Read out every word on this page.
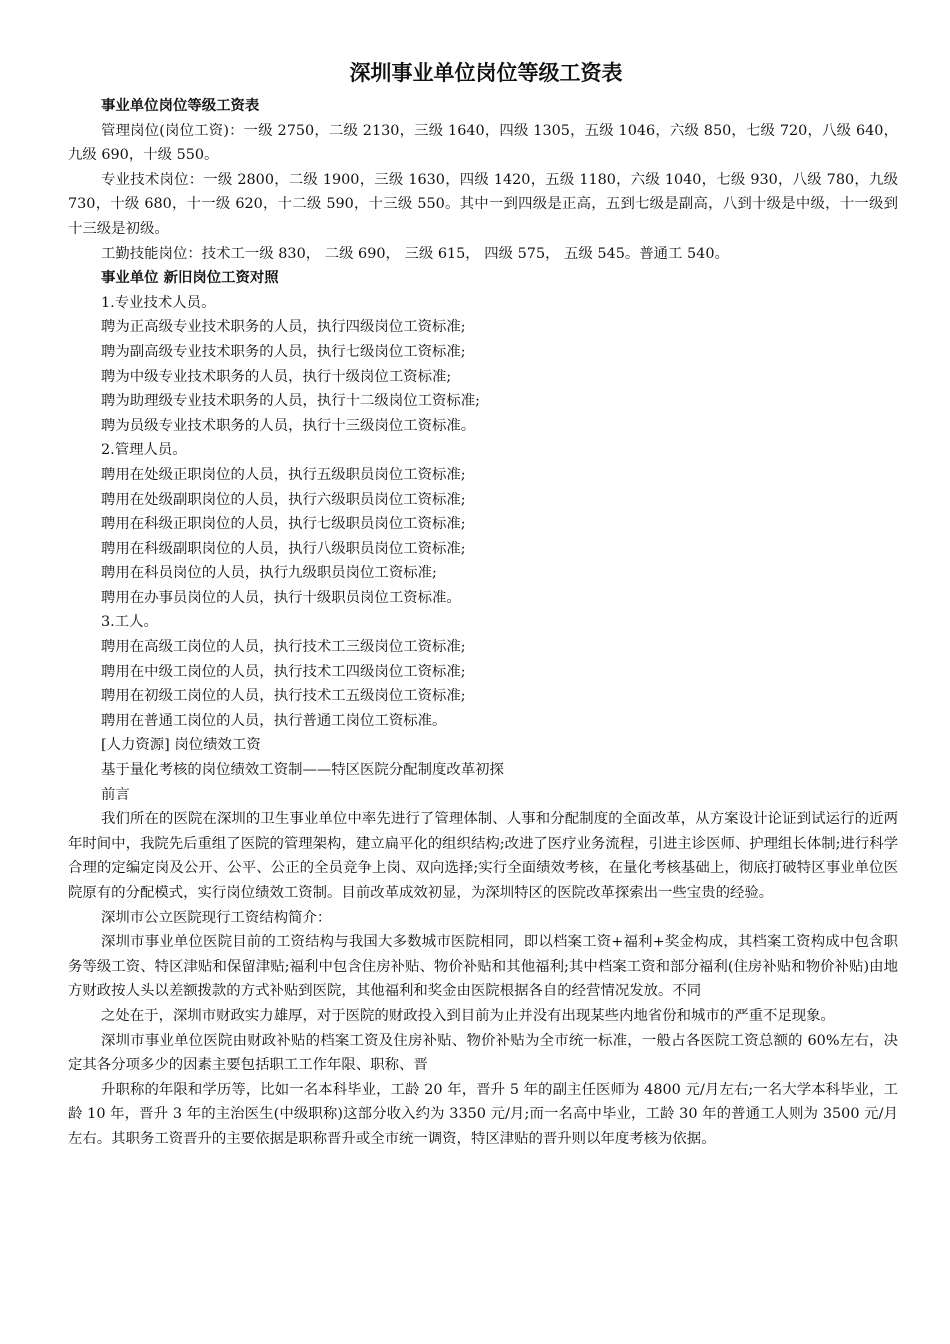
深圳事业单位岗位等级工资表

事业单位岗位等级工资表

管理岗位(岗位工资)：一级 2750，二级 2130，三级 1640，四级 1305，五级 1046，六级 850，七级 720，八级 640，九级 690，十级 550。

专业技术岗位：一级 2800，二级 1900，三级 1630，四级 1420，五级 1180，六级 1040，七级 930，八级 780，九级 730，十级 680，十一级 620，十二级 590，十三级 550。其中一到四级是正高，五到七级是副高，八到十级是中级，十一级到十三级是初级。

工勤技能岗位：技术工一级 830， 二级 690， 三级 615， 四级 575， 五级 545。普通工 540。

事业单位 新旧岗位工资对照

1.专业技术人员。

聘为正高级专业技术职务的人员，执行四级岗位工资标准;

聘为副高级专业技术职务的人员，执行七级岗位工资标准;

聘为中级专业技术职务的人员，执行十级岗位工资标准;

聘为助理级专业技术职务的人员，执行十二级岗位工资标准;

聘为员级专业技术职务的人员，执行十三级岗位工资标准。

2.管理人员。

聘用在处级正职岗位的人员，执行五级职员岗位工资标准;

聘用在处级副职岗位的人员，执行六级职员岗位工资标准;

聘用在科级正职岗位的人员，执行七级职员岗位工资标准;

聘用在科级副职岗位的人员，执行八级职员岗位工资标准;

聘用在科员岗位的人员，执行九级职员岗位工资标准;

聘用在办事员岗位的人员，执行十级职员岗位工资标准。

3.工人。

聘用在高级工岗位的人员，执行技术工三级岗位工资标准;

聘用在中级工岗位的人员，执行技术工四级岗位工资标准;

聘用在初级工岗位的人员，执行技术工五级岗位工资标准;

聘用在普通工岗位的人员，执行普通工岗位工资标准。

[人力资源] 岗位绩效工资

基于量化考核的岗位绩效工资制——特区医院分配制度改革初探

前言

我们所在的医院在深圳的卫生事业单位中率先进行了管理体制、人事和分配制度的全面改革，从方案设计论证到试运行的近两年时间中，我院先后重组了医院的管理架构，建立扁平化的组织结构;改进了医疗业务流程，引进主诊医师、护理组长体制;进行科学合理的定编定岗及公开、公平、公正的全员竞争上岗、双向选择;实行全面绩效考核，在量化考核基础上，彻底打破特区事业单位医院原有的分配模式，实行岗位绩效工资制。目前改革成效初显，为深圳特区的医院改革探索出一些宝贵的经验。

深圳市公立医院现行工资结构简介：

深圳市事业单位医院目前的工资结构与我国大多数城市医院相同，即以档案工资+福利+奖金构成，其档案工资构成中包含职务等级工资、特区津贴和保留津贴;福利中包含住房补贴、物价补贴和其他福利;其中档案工资和部分福利(住房补贴和物价补贴)由地方财政按人头以差额拨款的方式补贴到医院，其他福利和奖金由医院根据各自的经营情况发放。不同

之处在于，深圳市财政实力雄厚，对于医院的财政投入到目前为止并没有出现某些内地省份和城市的严重不足现象。

深圳市事业单位医院由财政补贴的档案工资及住房补贴、物价补贴为全市统一标准，一般占各医院工资总额的 60%左右，决定其各分项多少的因素主要包括职工工作年限、职称、晋

升职称的年限和学历等，比如一名本科毕业，工龄 20 年，晋升 5 年的副主任医师为 4800 元/月左右;一名大学本科毕业，工龄 10 年，晋升 3 年的主治医生(中级职称)这部分收入约为 3350 元/月;而一名高中毕业，工龄 30 年的普通工人则为 3500 元/月左右。其职务工资晋升的主要依据是职称晋升或全市统一调资，特区津贴的晋升则以年度考核为依据。
